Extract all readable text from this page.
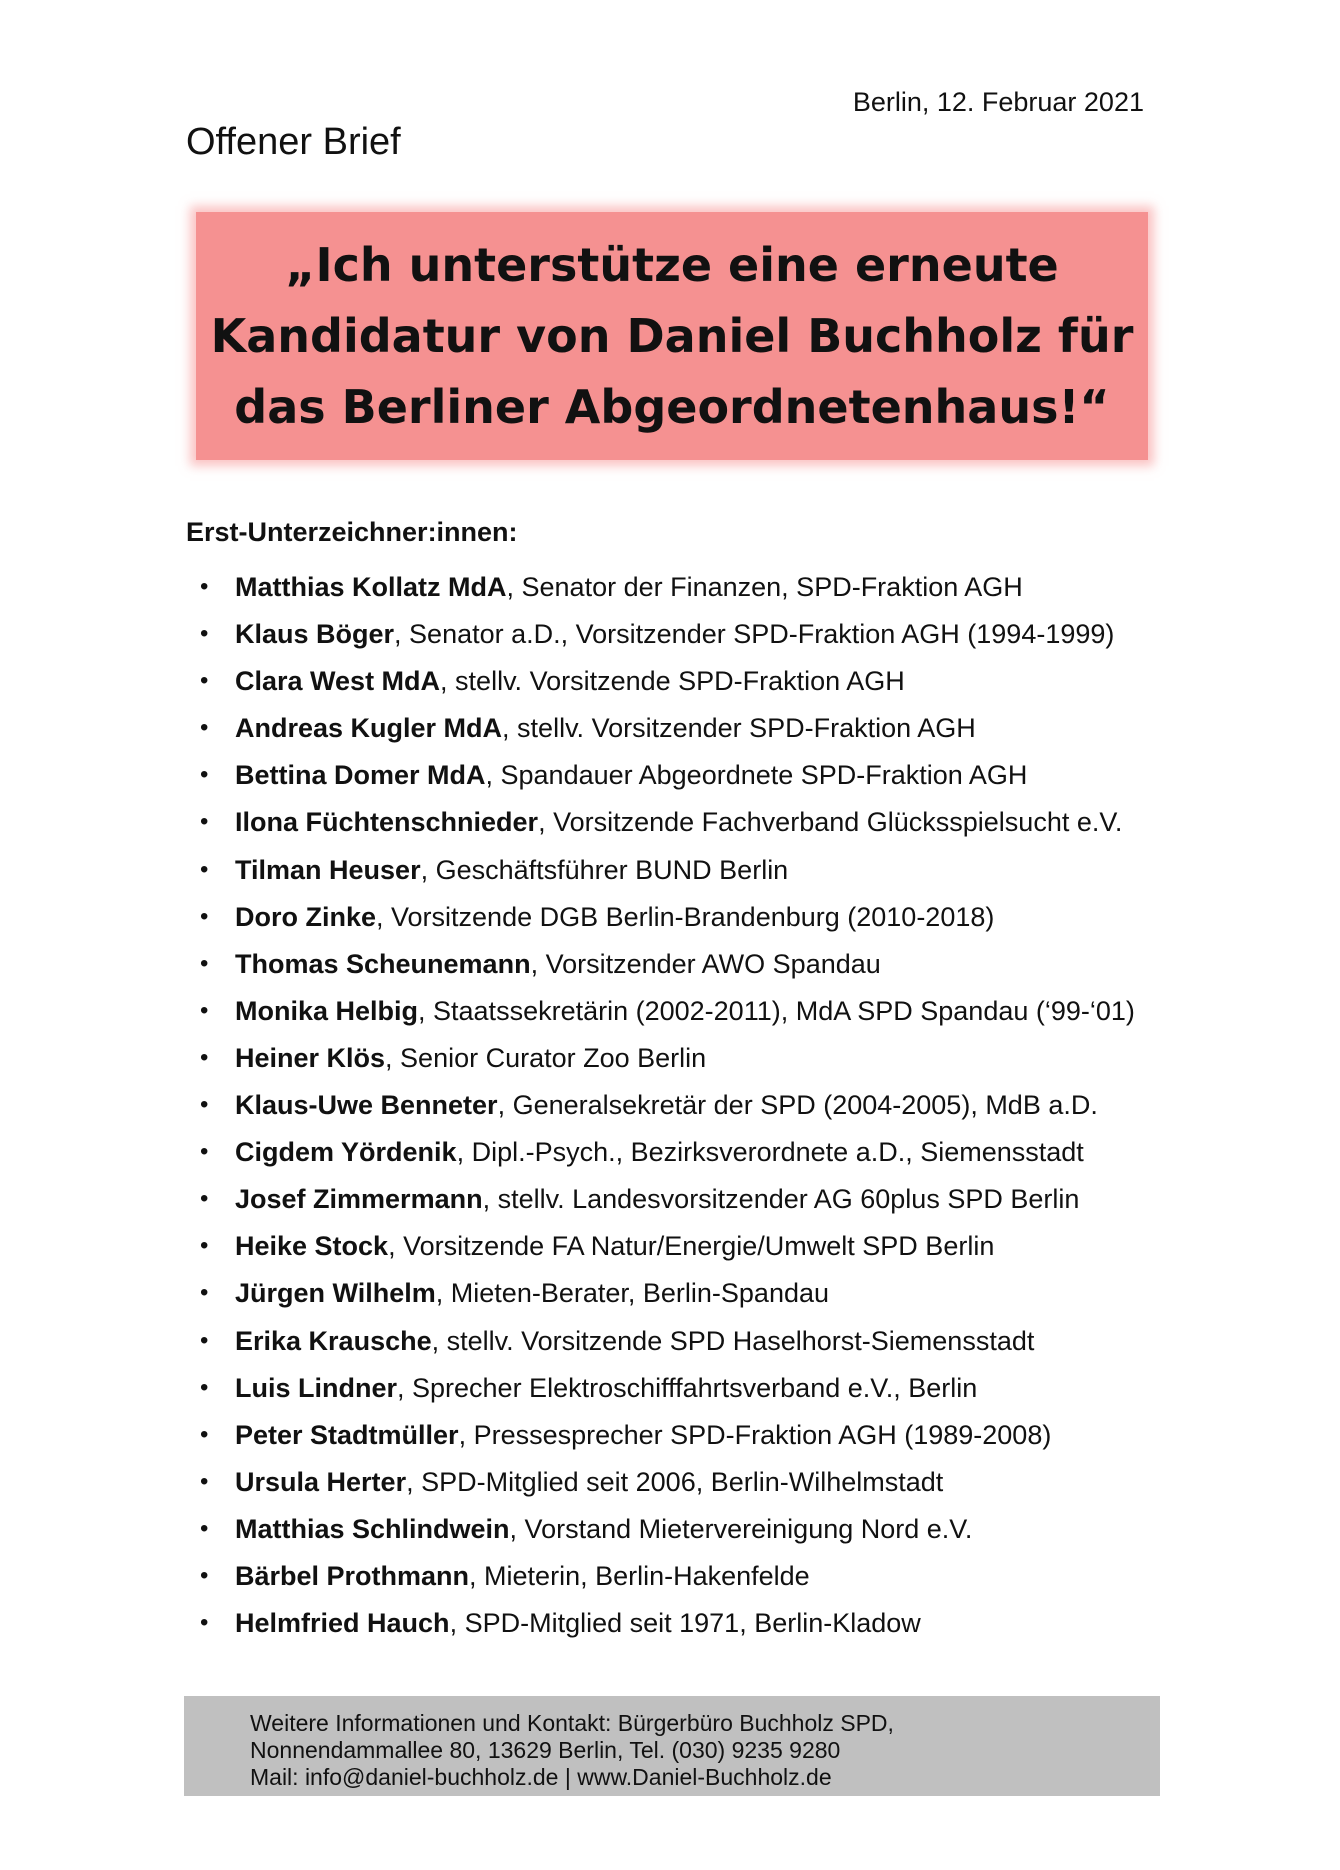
Berlin, 12. Februar 2021
Offener Brief

„Ich unterstütze eine erneute
Kandidatur von Daniel Buchholz für
das Berliner Abgeordnetenhaus!“

Erst-Unterzeichner:innen:
• Matthias Kollatz MdA, Senator der Finanzen, SPD-Fraktion AGH
• Klaus Böger, Senator a.D., Vorsitzender SPD-Fraktion AGH (1994-1999)
• Clara West MdA, stellv. Vorsitzende SPD-Fraktion AGH
• Andreas Kugler MdA, stellv. Vorsitzender SPD-Fraktion AGH
• Bettina Domer MdA, Spandauer Abgeordnete SPD-Fraktion AGH
• Ilona Füchtenschnieder, Vorsitzende Fachverband Glücksspielsucht e.V.
• Tilman Heuser, Geschäftsführer BUND Berlin
• Doro Zinke, Vorsitzende DGB Berlin-Brandenburg (2010-2018)
• Thomas Scheunemann, Vorsitzender AWO Spandau
• Monika Helbig, Staatssekretärin (2002-2011), MdA SPD Spandau (‘99-‘01)
• Heiner Klös, Senior Curator Zoo Berlin
• Klaus-Uwe Benneter, Generalsekretär der SPD (2004-2005), MdB a.D.
• Cigdem Yördenik, Dipl.-Psych., Bezirksverordnete a.D., Siemensstadt
• Josef Zimmermann, stellv. Landesvorsitzender AG 60plus SPD Berlin
• Heike Stock, Vorsitzende FA Natur/Energie/Umwelt SPD Berlin
• Jürgen Wilhelm, Mieten-Berater, Berlin-Spandau
• Erika Krausche, stellv. Vorsitzende SPD Haselhorst-Siemensstadt
• Luis Lindner, Sprecher Elektroschifffahrtsverband e.V., Berlin
• Peter Stadtmüller, Pressesprecher SPD-Fraktion AGH (1989-2008)
• Ursula Herter, SPD-Mitglied seit 2006, Berlin-Wilhelmstadt
• Matthias Schlindwein, Vorstand Mietervereinigung Nord e.V.
• Bärbel Prothmann, Mieterin, Berlin-Hakenfelde
• Helmfried Hauch, SPD-Mitglied seit 1971, Berlin-Kladow
Weitere Informationen und Kontakt: Bürgerbüro Buchholz SPD,
Nonnendammallee 80, 13629 Berlin, Tel. (030) 9235 9280
Mail: info@daniel-buchholz.de | www.Daniel-Buchholz.de
